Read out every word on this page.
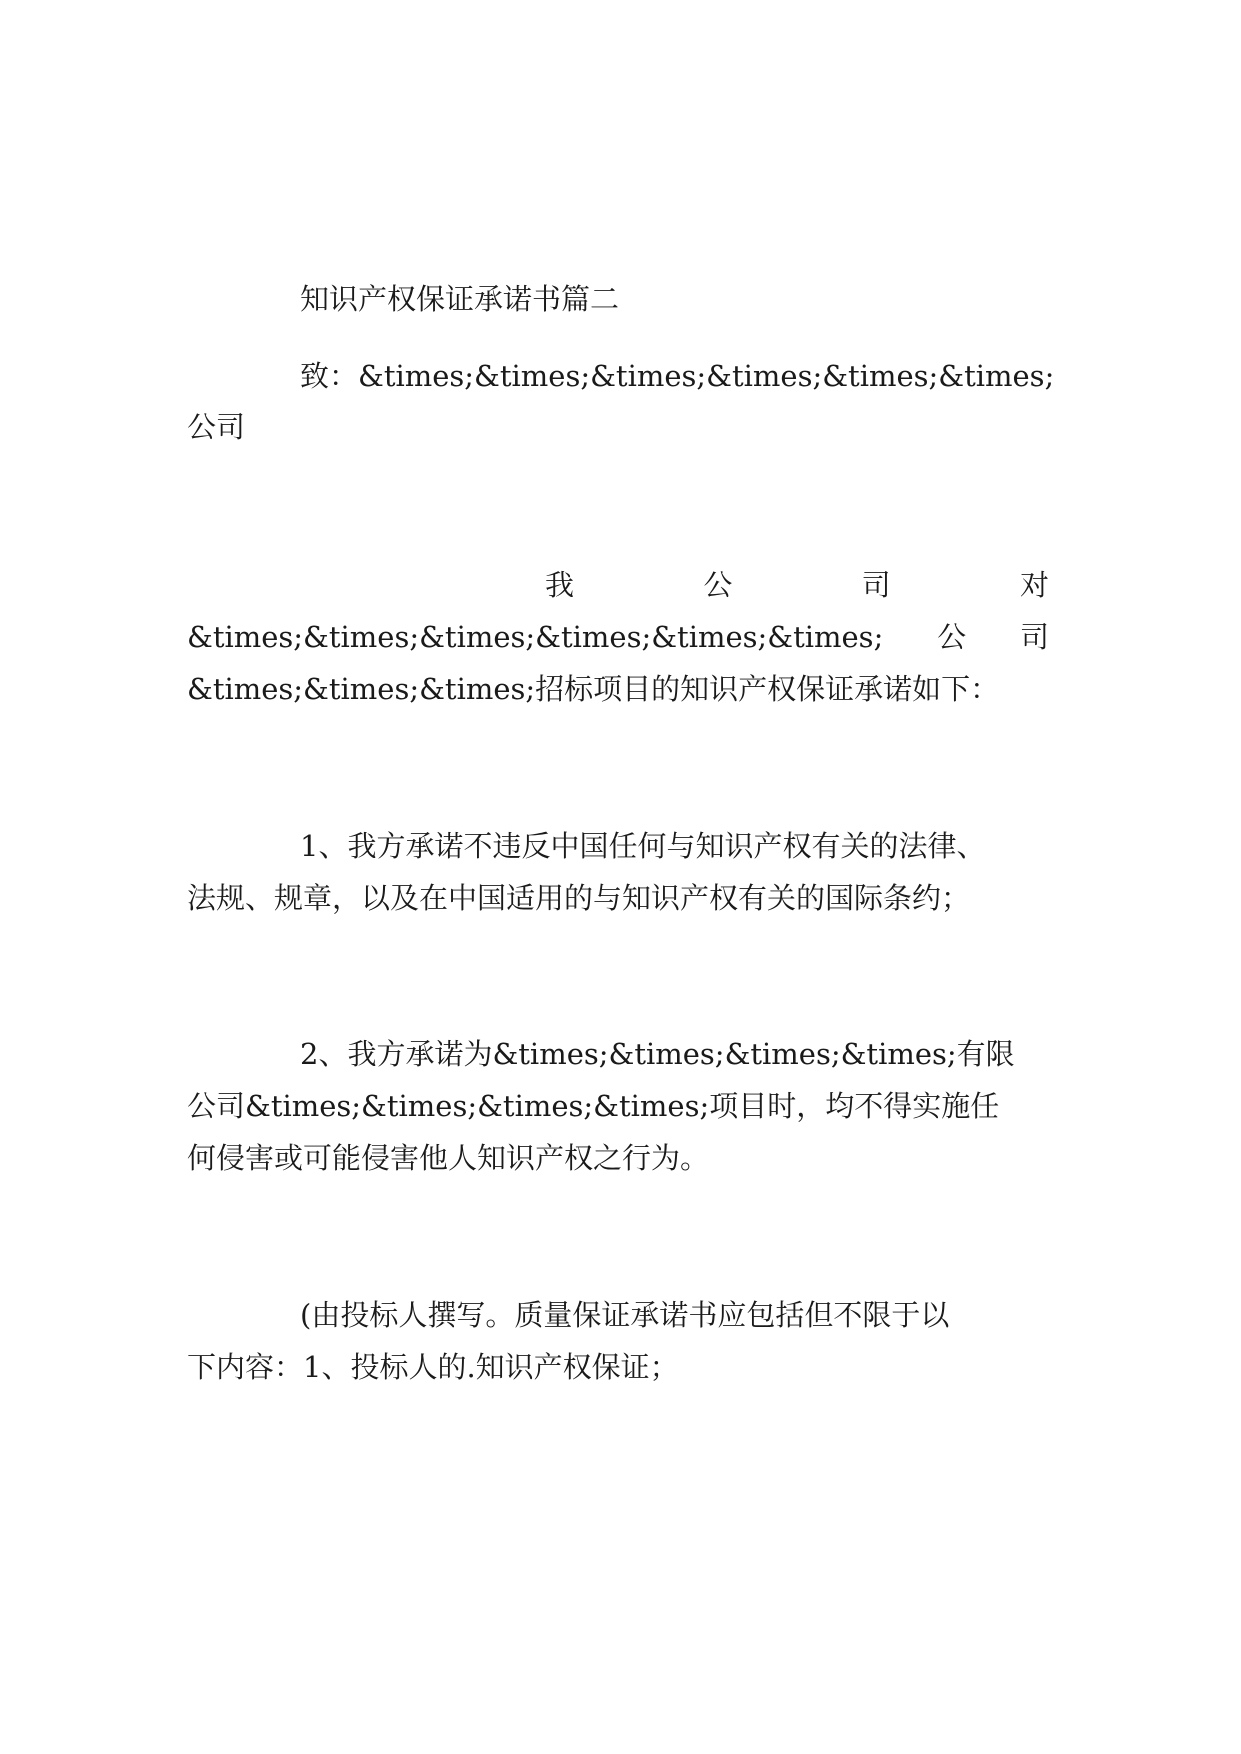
知识产权保证承诺书篇二
致：&times;&times;&times;&times;&times;&times;
公司
我	公	司	对
&times;&times;&times;&times;&times;&times; 公 司
&times;&times;&times;招标项目的知识产权保证承诺如下：
1、我方承诺不违反中国任何与知识产权有关的法律、
法规、规章，以及在中国适用的与知识产权有关的国际条约；
2、我方承诺为&times;&times;&times;&times;有限
公司&times;&times;&times;&times;项目时，均不得实施任
何侵害或可能侵害他人知识产权之行为。
(由投标人撰写。质量保证承诺书应包括但不限于以
下内容：1、投标人的.知识产权保证；
